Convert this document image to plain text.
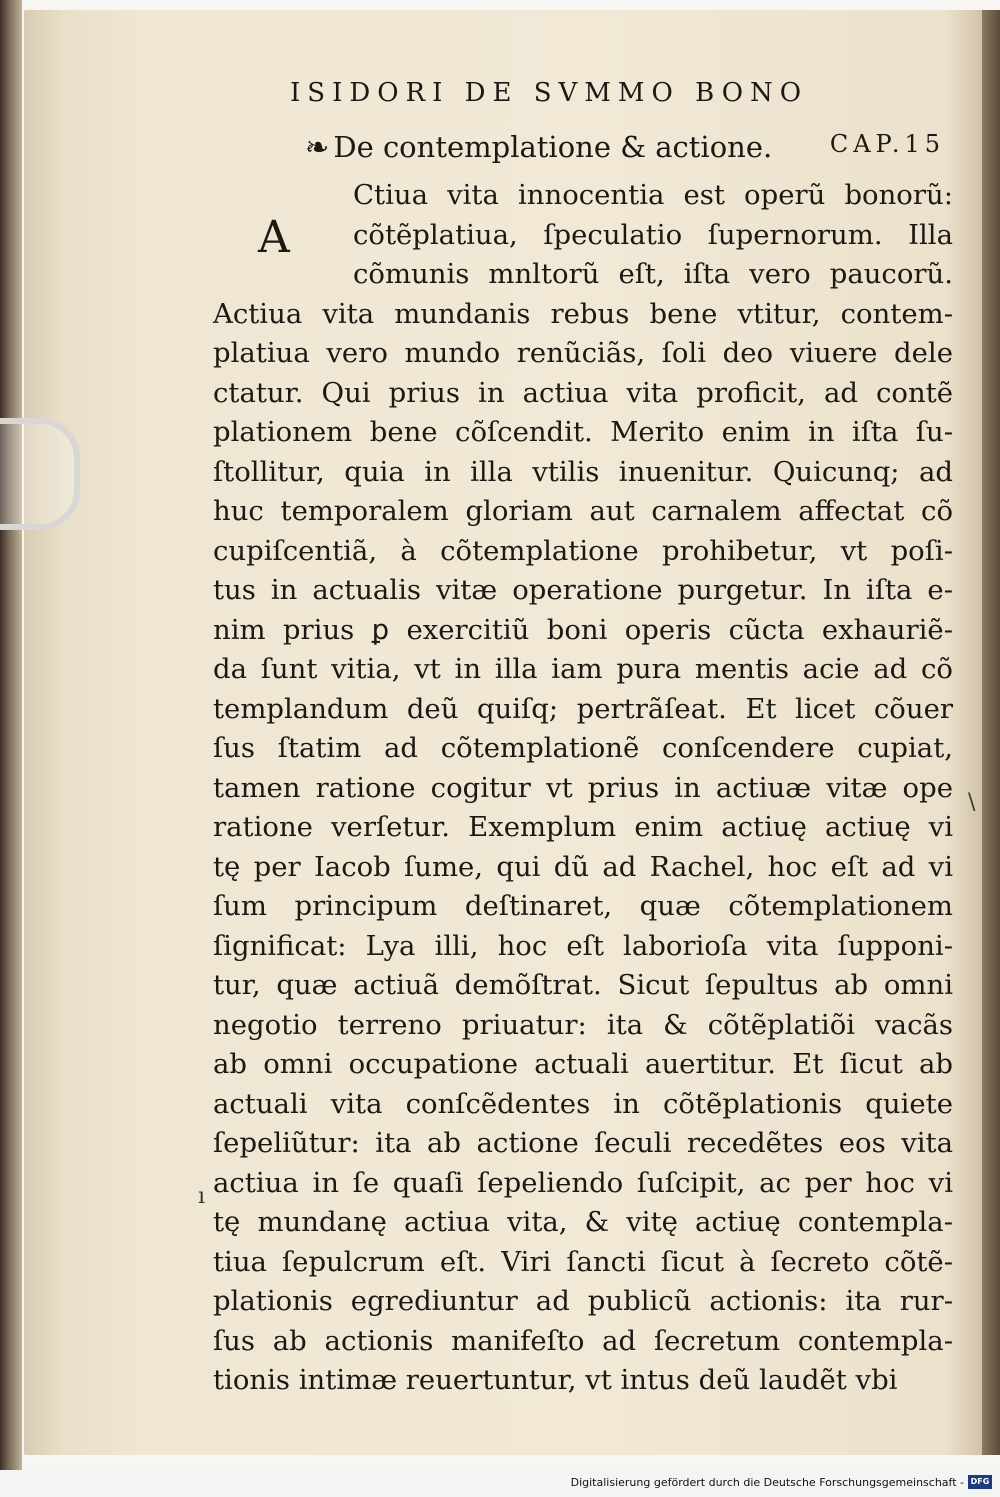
ISIDORI DE SVMMO BONO
❧ De contemplatione & actione. CAP.15
A
Ctiua vita innocentia est operũ bonorũ:
cõtẽplatiua, ſpeculatio ſupernorum. Illa
cõmunis mnltorũ eſt, iſta vero paucorũ.
Actiua vita mundanis rebus bene vtitur, contem-
platiua vero mundo renũciãs, ſoli deo viuere dele
ctatur. Qui prius in actiua vita proficit, ad contẽ
plationem bene cõſcendit. Merito enim in iſta ſu-
ſtollitur, quia in illa vtilis inuenitur. Quicunq; ad
huc temporalem gloriam aut carnalem affectat cõ
cupiſcentiã, à cõtemplatione prohibetur, vt poſi-
tus in actualis vitæ operatione purgetur. In iſta e-
nim prius ꝑ exercitiũ boni operis cũcta exhauriẽ-
da ſunt vitia, vt in illa iam pura mentis acie ad cõ
templandum deũ quiſq; pertrãſeat. Et licet cõuer
ſus ſtatim ad cõtemplationẽ conſcendere cupiat,
tamen ratione cogitur vt prius in actiuæ vitæ ope
ratione verſetur. Exemplum enim actiuę actiuę vi
tę per Iacob ſume, qui dũ ad Rachel, hoc eſt ad vi
ſum principum deſtinaret, quæ cõtemplationem
ſignificat: Lya illi, hoc eſt laborioſa vita ſupponi-
tur, quæ actiuã demõſtrat. Sicut ſepultus ab omni
negotio terreno priuatur: ita & cõtẽplatiõi vacãs
ab omni occupatione actuali auertitur. Et ſicut ab
actuali vita conſcẽdentes in cõtẽplationis quiete
ſepeliũtur: ita ab actione ſeculi recedẽtes eos vita
actiua in ſe quaſi ſepeliendo ſuſcipit, ac per hoc vi
tę mundanę actiua vita, & vitę actiuę contempla-
tiua ſepulcrum eſt. Viri ſancti ſicut à ſecreto cõtẽ-
plationis egrediuntur ad publicũ actionis: ita rur-
ſus ab actionis manifeſto ad ſecretum contempla-
tionis intimæ reuertuntur, vt intus deũ laudẽt vbi
\
ı
Digitalisierung gefördert durch die Deutsche Forschungsgemeinschaft - DFG
